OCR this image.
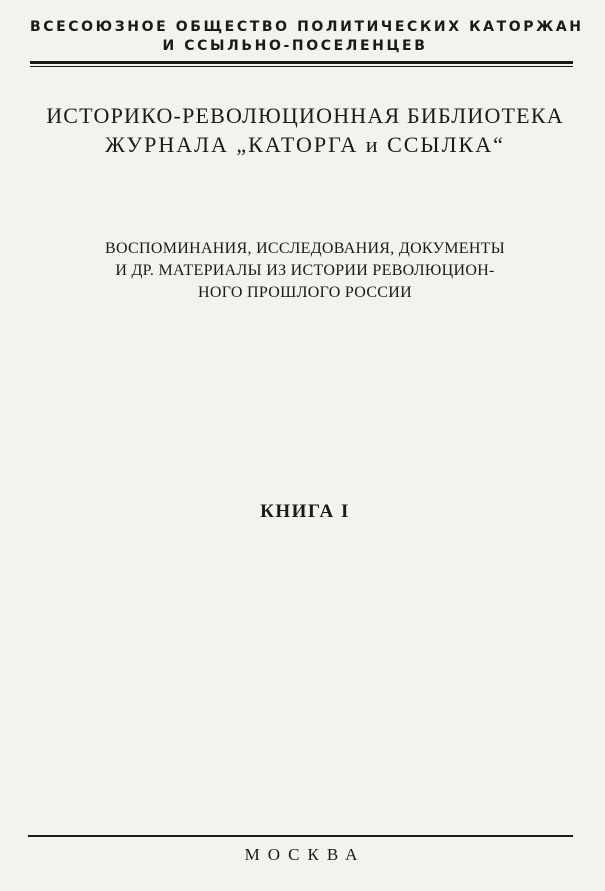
ВСЕСОЮЗНОЕ ОБЩЕСТВО ПОЛИТИЧЕСКИХ КАТОРЖАН
И ССЫЛЬНО-ПОСЕЛЕНЦЕВ
ИСТОРИКО-РЕВОЛЮЦИОННАЯ БИБЛИОТЕКА
ЖУРНАЛА „КАТОРГА и ССЫЛКА“
ВОСПОМИНАНИЯ, ИССЛЕДОВАНИЯ, ДОКУМЕНТЫ
И ДР. МАТЕРИАЛЫ ИЗ ИСТОРИИ РЕВОЛЮЦИОН-
НОГО ПРОШЛОГО РОССИИ
КНИГА I
МОСКВА
